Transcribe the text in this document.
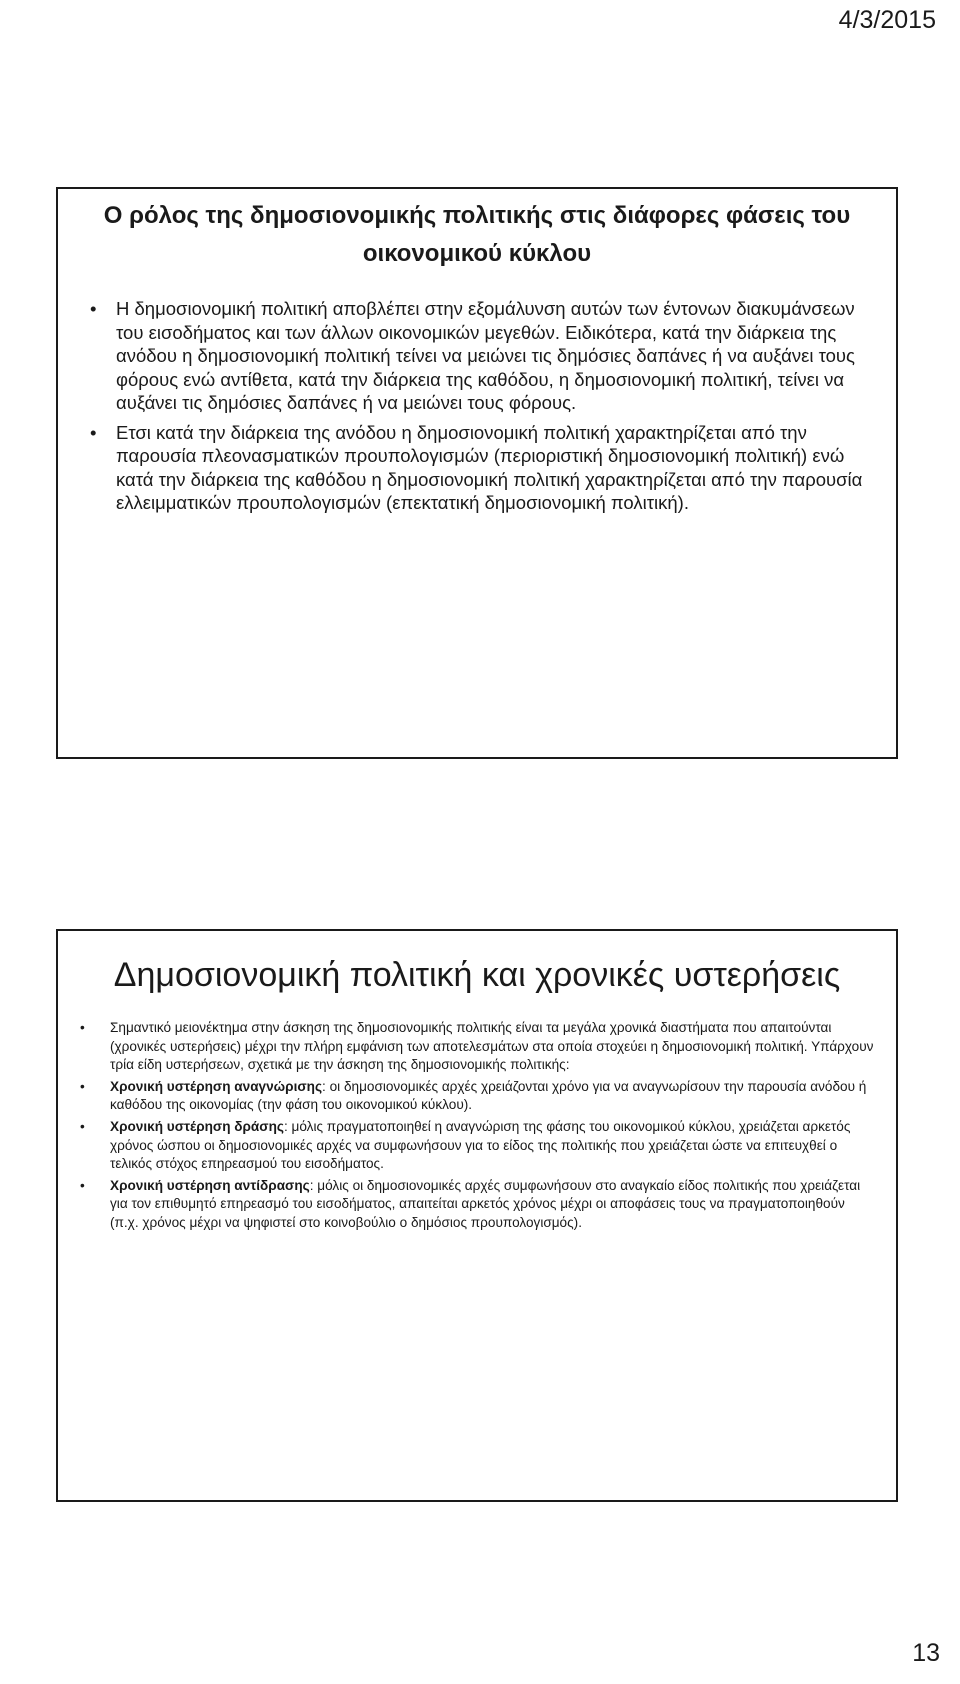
4/3/2015
Ο ρόλος της δημοσιονομικής πολιτικής στις διάφορες φάσεις του οικονομικού κύκλου
• Η δημοσιονομική πολιτική αποβλέπει στην εξομάλυνση αυτών των έντονων διακυμάνσεων του εισοδήματος και των άλλων οικονομικών μεγεθών. Ειδικότερα, κατά την διάρκεια της ανόδου η δημοσιονομική πολιτική τείνει να μειώνει τις δημόσιες δαπάνες ή να αυξάνει τους φόρους ενώ αντίθετα, κατά την διάρκεια της καθόδου, η δημοσιονομική πολιτική, τείνει να αυξάνει τις δημόσιες δαπάνες ή να μειώνει τους φόρους.
• Ετσι κατά την διάρκεια της ανόδου η δημοσιονομική πολιτική χαρακτηρίζεται από την παρουσία πλεονασματικών προυπολογισμών (περιοριστική δημοσιονομική πολιτική) ενώ κατά την διάρκεια της καθόδου η δημοσιονομική πολιτική χαρακτηρίζεται από την παρουσία ελλειμματικών προυπολογισμών (επεκτατική δημοσιονομική πολιτική).
Δημοσιονομική πολιτική και χρονικές υστερήσεις
• Σημαντικό μειονέκτημα στην άσκηση της δημοσιονομικής πολιτικής είναι τα μεγάλα χρονικά διαστήματα που απαιτούνται (χρονικές υστερήσεις) μέχρι την πλήρη εμφάνιση των αποτελεσμάτων στα οποία στοχεύει η δημοσιονομική πολιτική. Υπάρχουν τρία είδη υστερήσεων, σχετικά με την άσκηση της δημοσιονομικής πολιτικής:
• Χρονική υστέρηση αναγνώρισης: οι δημοσιονομικές αρχές χρειάζονται χρόνο για να αναγνωρίσουν την παρουσία ανόδου ή καθόδου της οικονομίας (την φάση του οικονομικού κύκλου).
• Χρονική υστέρηση δράσης: μόλις πραγματοποιηθεί η αναγνώριση της φάσης του οικονομικού κύκλου, χρειάζεται αρκετός χρόνος ώσπου οι δημοσιονομικές αρχές να συμφωνήσουν για το είδος της πολιτικής που χρειάζεται ώστε να επιτευχθεί ο τελικός στόχος επηρεασμού του εισοδήματος.
• Χρονική υστέρηση αντίδρασης: μόλις οι δημοσιονομικές αρχές συμφωνήσουν στο αναγκαίο είδος πολιτικής που χρειάζεται για τον επιθυμητό επηρεασμό του εισοδήματος, απαιτείται αρκετός χρόνος μέχρι οι αποφάσεις τους να πραγματοποιηθούν (π.χ. χρόνος μέχρι να ψηφιστεί στο κοινοβούλιο ο δημόσιος προυπολογισμός).
13
